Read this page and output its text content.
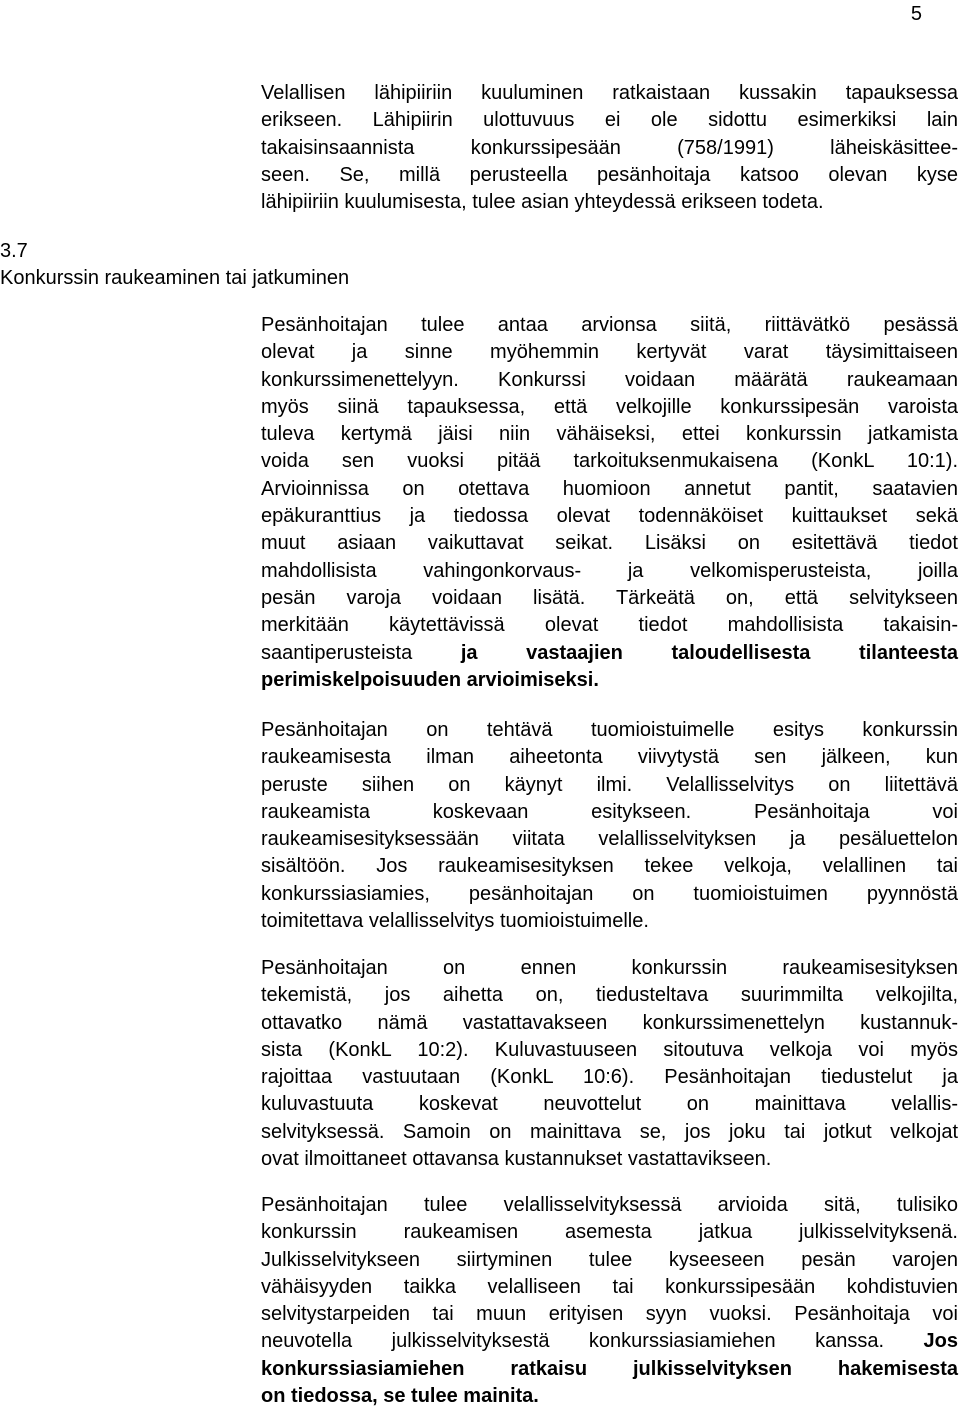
5
3.7
Konkurssin raukeaminen tai jatkuminen
Velallisen lähipiiriin kuuluminen ratkaistaan kussakin tapauksessa
erikseen. Lähipiirin ulottuvuus ei ole sidottu esimerkiksi lain
takaisinsaannista konkurssipesään (758/1991) läheiskäsittee-
seen. Se, millä perusteella pesänhoitaja katsoo olevan kyse
lähipiiriin kuulumisesta, tulee asian yhteydessä erikseen todeta.
Pesänhoitajan tulee antaa arvionsa siitä, riittävätkö pesässä
olevat ja sinne myöhemmin kertyvät varat täysimittaiseen
konkurssimenettelyyn. Konkurssi voidaan määrätä raukeamaan
myös siinä tapauksessa, että velkojille konkurssipesän varoista
tuleva kertymä jäisi niin vähäiseksi, ettei konkurssin jatkamista
voida sen vuoksi pitää tarkoituksenmukaisena (KonkL 10:1).
Arvioinnissa on otettava huomioon annetut pantit, saatavien
epäkuranttius ja tiedossa olevat todennäköiset kuittaukset sekä
muut asiaan vaikuttavat seikat. Lisäksi on esitettävä tiedot
mahdollisista vahingonkorvaus- ja velkomisperusteista, joilla
pesän varoja voidaan lisätä. Tärkeätä on, että selvitykseen
merkitään käytettävissä olevat tiedot mahdollisista takaisin-
saantiperusteista ja vastaajien taloudellisesta tilanteesta
perimiskelpoisuuden arvioimiseksi.
Pesänhoitajan on tehtävä tuomioistuimelle esitys konkurssin
raukeamisesta ilman aiheetonta viivytystä sen jälkeen, kun
peruste siihen on käynyt ilmi. Velallisselvitys on liitettävä
raukeamista koskevaan esitykseen. Pesänhoitaja voi
raukeamisesityksessään viitata velallisselvityksen ja pesäluettelon
sisältöön. Jos raukeamisesityksen tekee velkoja, velallinen tai
konkurssiasiamies, pesänhoitajan on tuomioistuimen pyynnöstä
toimitettava velallisselvitys tuomioistuimelle.
Pesänhoitajan on ennen konkurssin raukeamisesityksen
tekemistä, jos aihetta on, tiedusteltava suurimmilta velkojilta,
ottavatko nämä vastattavakseen konkurssimenettelyn kustannuk-
sista (KonkL 10:2). Kuluvastuuseen sitoutuva velkoja voi myös
rajoittaa vastuutaan (KonkL 10:6). Pesänhoitajan tiedustelut ja
kuluvastuuta koskevat neuvottelut on mainittava velallis-
selvityksessä. Samoin on mainittava se, jos joku tai jotkut velkojat
ovat ilmoittaneet ottavansa kustannukset vastattavikseen.
Pesänhoitajan tulee velallisselvityksessä arvioida sitä, tulisiko
konkurssin raukeamisen asemesta jatkua julkisselvityksenä.
Julkisselvitykseen siirtyminen tulee kyseeseen pesän varojen
vähäisyyden taikka velalliseen tai konkurssipesään kohdistuvien
selvitystarpeiden tai muun erityisen syyn vuoksi. Pesänhoitaja voi
neuvotella julkisselvityksestä konkurssiasiamiehen kanssa. Jos
konkurssiasiamiehen ratkaisu julkisselvityksen hakemisesta
on tiedossa, se tulee mainita.
